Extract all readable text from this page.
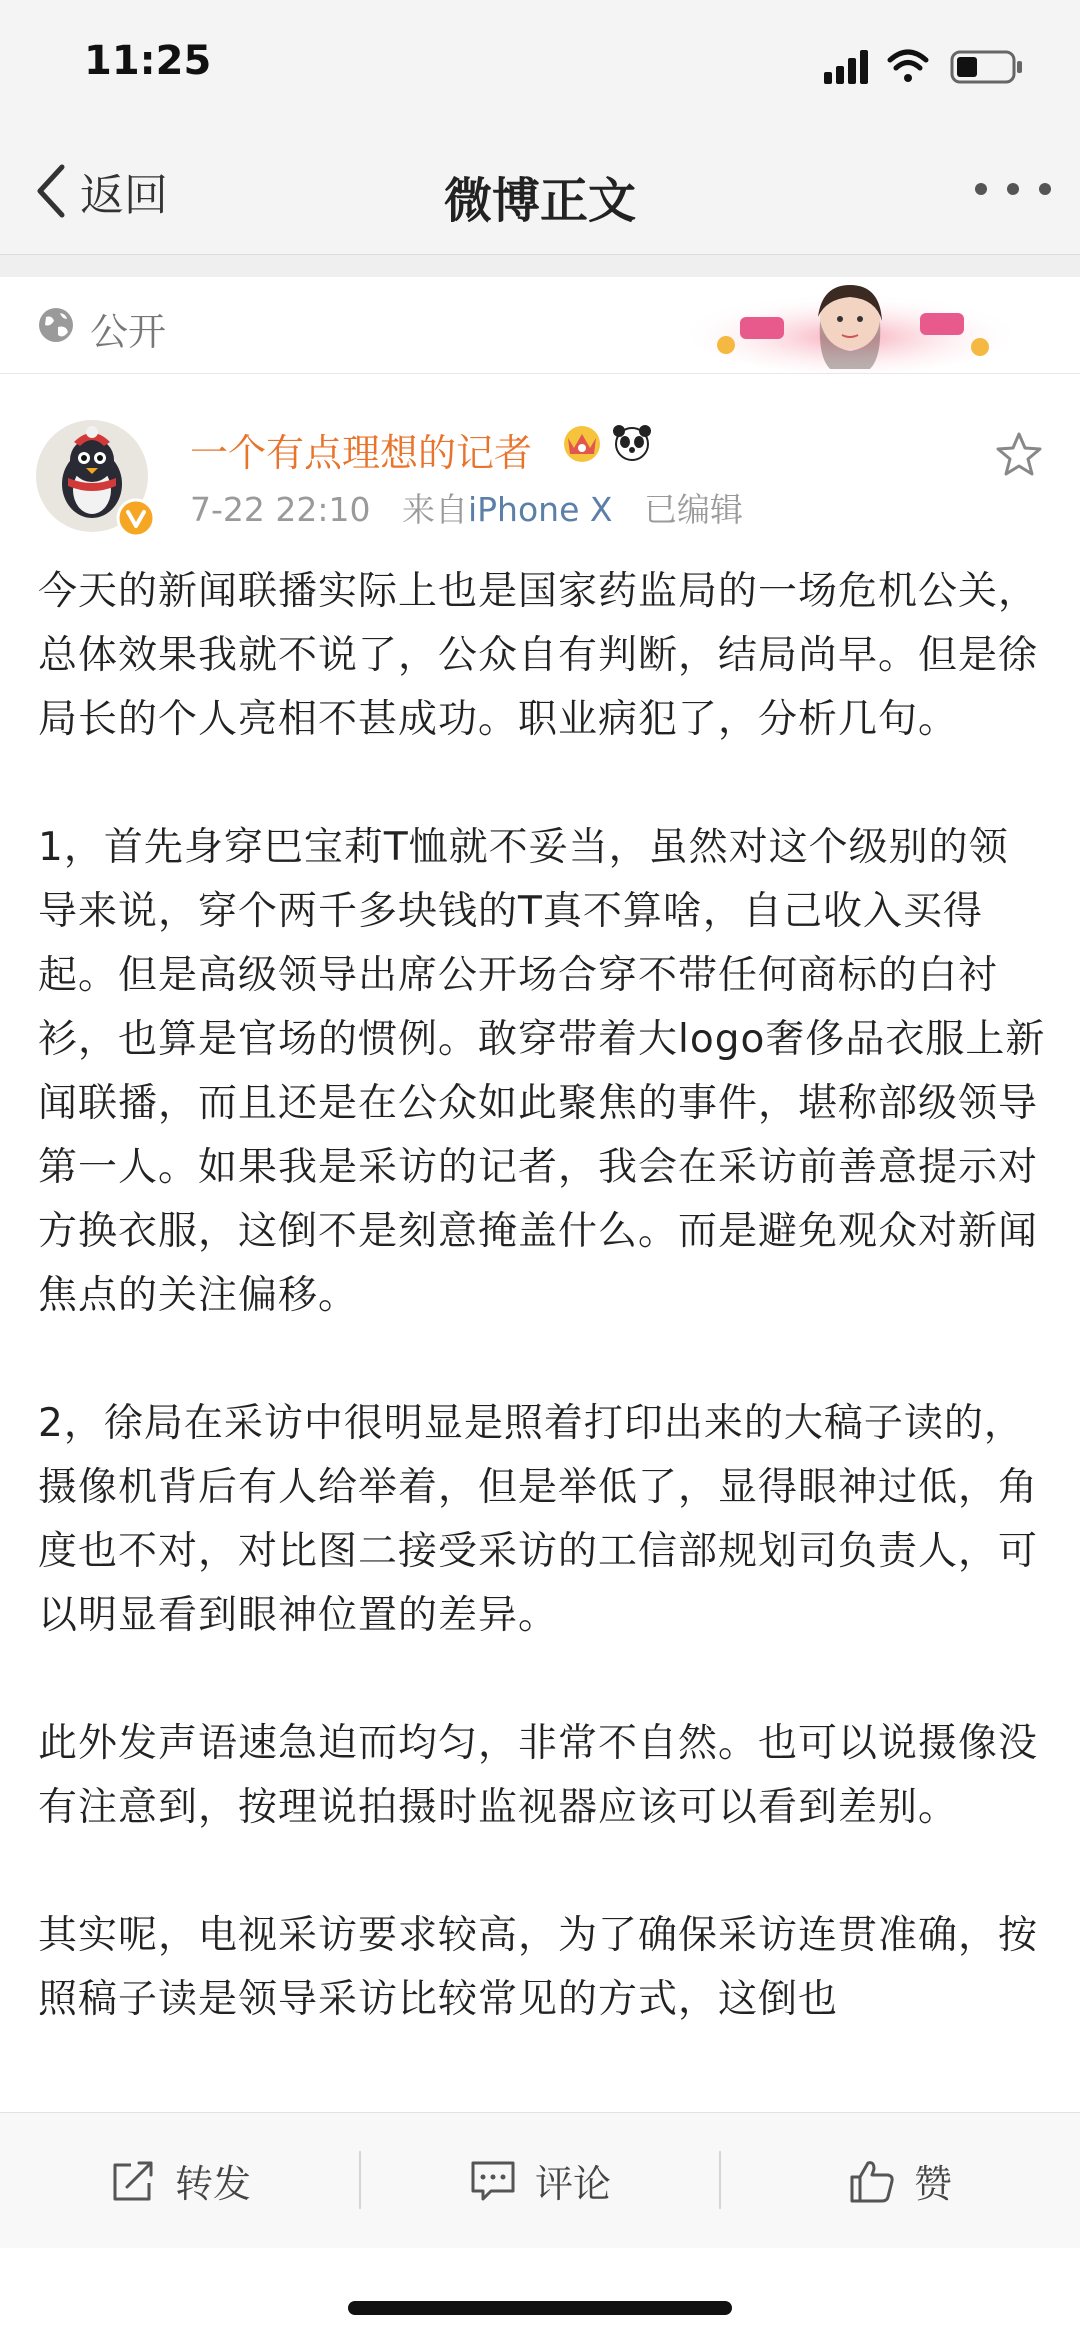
11:25
返回	微博正文
公开
一个有点理想的记者
7-22 22:10 来自iPhone X 已编辑

今天的新闻联播实际上也是国家药监局的一场危机公关，总体效果我就不说了，公众自有判断，结局尚早。但是徐局长的个人亮相不甚成功。职业病犯了，分析几句。

1，首先身穿巴宝莉T恤就不妥当，虽然对这个级别的领导来说，穿个两千多块钱的T真不算啥，自己收入买得起。但是高级领导出席公开场合穿不带任何商标的白衬衫，也算是官场的惯例。敢穿带着大logo奢侈品衣服上新闻联播，而且还是在公众如此聚焦的事件，堪称部级领导第一人。如果我是采访的记者，我会在采访前善意提示对方换衣服，这倒不是刻意掩盖什么。而是避免观众对新闻焦点的关注偏移。

2，徐局在采访中很明显是照着打印出来的大稿子读的，摄像机背后有人给举着，但是举低了，显得眼神过低，角度也不对，对比图二接受采访的工信部规划司负责人，可以明显看到眼神位置的差异。

此外发声语速急迫而均匀，非常不自然。也可以说摄像没有注意到，按理说拍摄时监视器应该可以看到差别。

其实呢，电视采访要求较高，为了确保采访连贯准确，按照稿子读是领导采访比较常见的方式，这倒也

转发	评论	赞
